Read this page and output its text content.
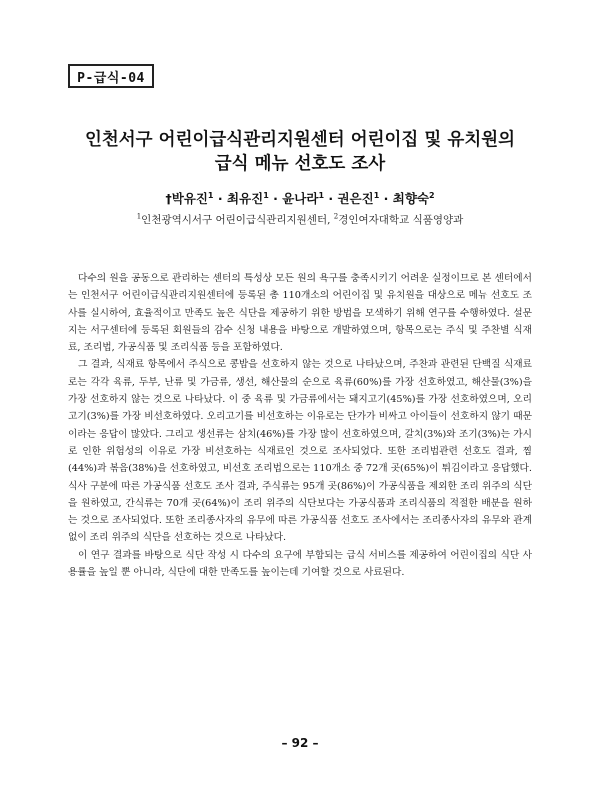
P-급식-04
인천서구 어린이급식관리지원센터 어린이집 및 유치원의
급식 메뉴 선호도 조사
†박유진$^1$ · 최유진$^1$ · 윤나라$^1$ · 권은진$^1$ · 최향숙$^2$
$^1$인천광역시서구 어린이급식관리지원센터, $^2$경인여자대학교 식품영양과

다수의 원을 공동으로 관리하는 센터의 특성상 모든 원의 욕구를 충족시키기 어려운 실정이므로 본 센터에서는 인천서구 어린이급식관리지원센터에 등록된 총 110개소의 어린이집 및 유치원을 대상으로 메뉴 선호도 조사를 실시하여, 효율적이고 만족도 높은 식단을 제공하기 위한 방법을 모색하기 위해 연구를 수행하였다. 설문지는 서구센터에 등록된 회원들의 감수 신청 내용을 바탕으로 개발하였으며, 항목으로는 주식 및 주찬별 식재료, 조리법, 가공식품 및 조리식품 등을 포함하였다.

그 결과, 식재료 항목에서 주식으로 콩밥을 선호하지 않는 것으로 나타났으며, 주찬과 관련된 단백질 식재료로는 각각 육류, 두부, 난류 및 가금류, 생선, 해산물의 순으로 육류(60%)를 가장 선호하였고, 해산물(3%)을 가장 선호하지 않는 것으로 나타났다. 이 중 육류 및 가금류에서는 돼지고기(45%)를 가장 선호하였으며, 오리고기(3%)를 가장 비선호하였다. 오리고기를 비선호하는 이유로는 단가가 비싸고 아이들이 선호하지 않기 때문이라는 응답이 많았다. 그리고 생선류는 삼치(46%)를 가장 많이 선호하였으며, 갈치(3%)와 조기(3%)는 가시로 인한 위험성의 이유로 가장 비선호하는 식재료인 것으로 조사되었다. 또한 조리법관련 선호도 결과, 찜(44%)과 볶음(38%)을 선호하였고, 비선호 조리법으로는 110개소 중 72개 곳(65%)이 튀김이라고 응답했다. 식사 구분에 따른 가공식품 선호도 조사 결과, 주식류는 95개 곳(86%)이 가공식품을 제외한 조리 위주의 식단을 원하였고, 간식류는 70개 곳(64%)이 조리 위주의 식단보다는 가공식품과 조리식품의 적절한 배분을 원하는 것으로 조사되었다. 또한 조리종사자의 유무에 따른 가공식품 선호도 조사에서는 조리종사자의 유무와 관계없이 조리 위주의 식단을 선호하는 것으로 나타났다.

이 연구 결과를 바탕으로 식단 작성 시 다수의 요구에 부합되는 급식 서비스를 제공하여 어린이집의 식단 사용률을 높일 뿐 아니라, 식단에 대한 만족도를 높이는데 기여할 것으로 사료된다.

– 92 –
